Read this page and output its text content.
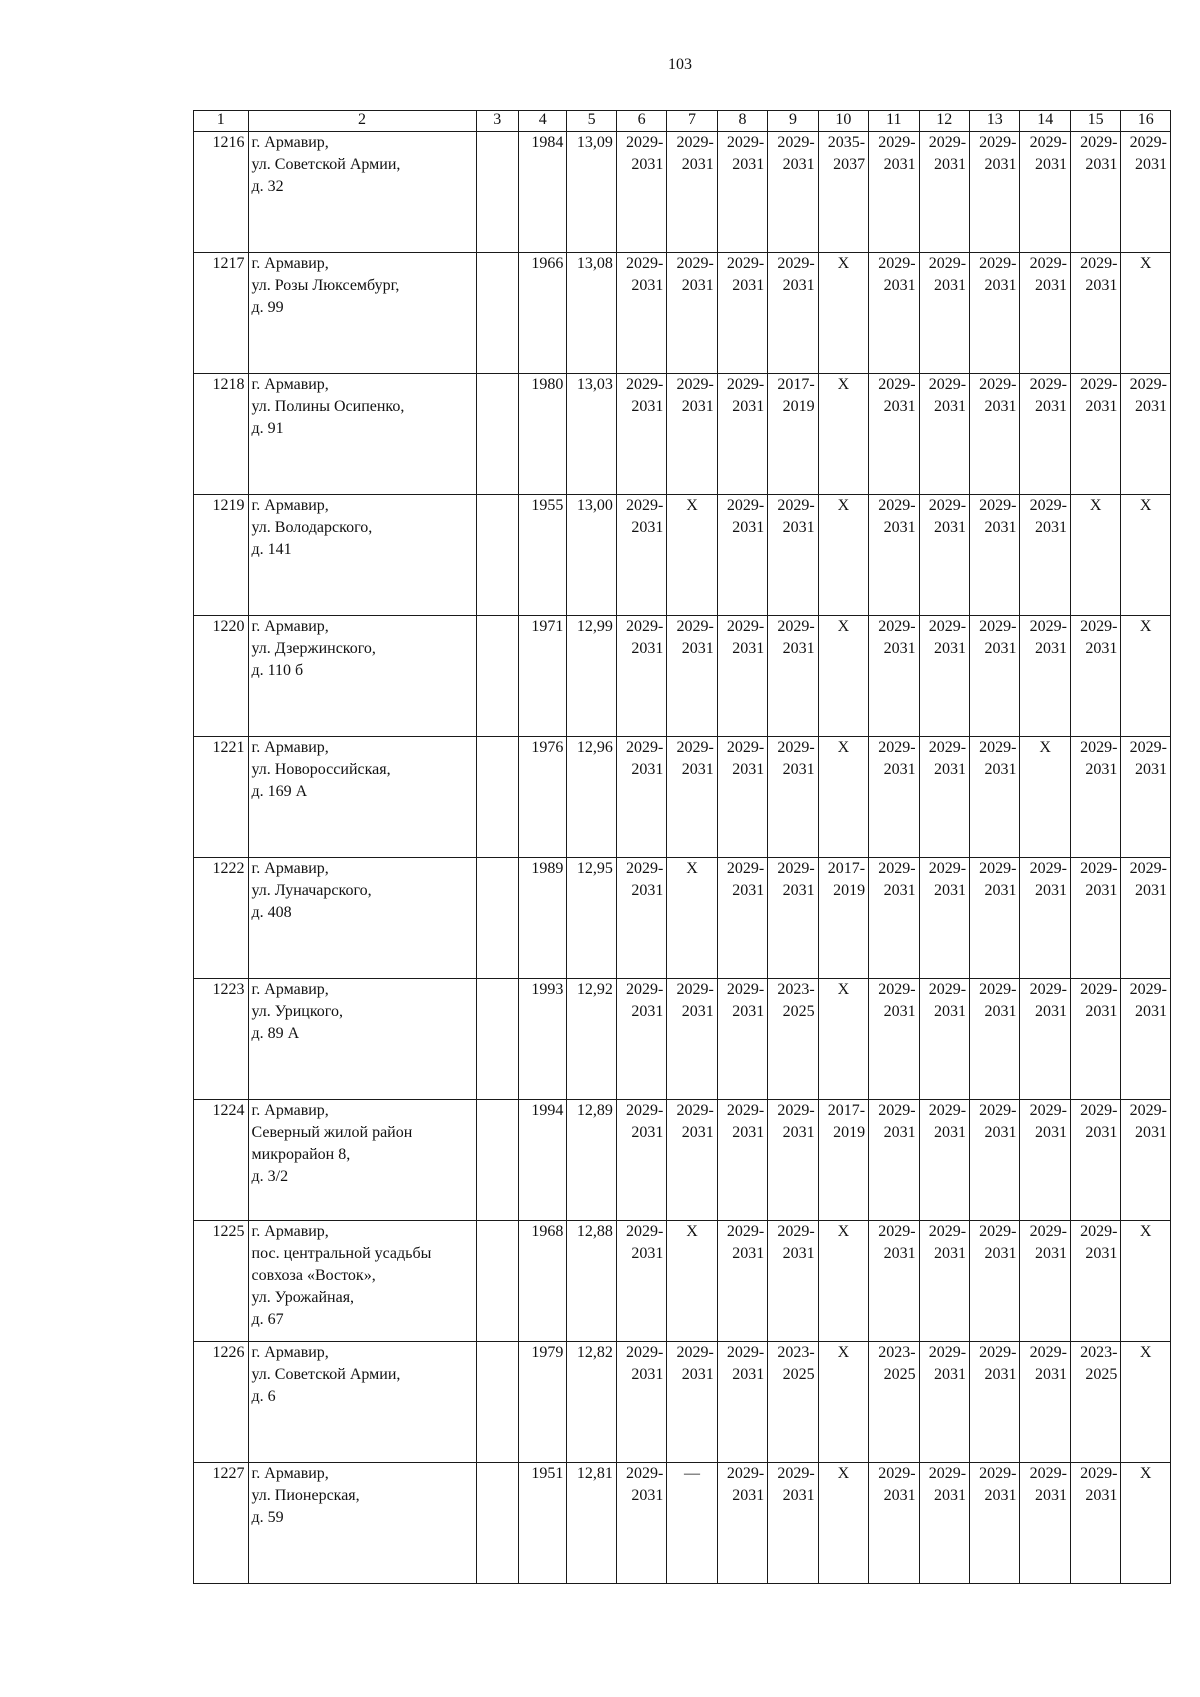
103
1	2	3	4	5	6	7	8	9	10	11	12	13	14	15	16
1216	г. Армавир,
ул. Советской Армии,
д. 32		1984	13,09	2029-
2031	2029-
2031	2029-
2031	2029-
2031	2035-
2037	2029-
2031	2029-
2031	2029-
2031	2029-
2031	2029-
2031	2029-
2031

1217	г. Армавир,
ул. Розы Люксембург,
д. 99		1966	13,08	2029-
2031	2029-
2031	2029-
2031	2029-
2031	X	2029-
2031	2029-
2031	2029-
2031	2029-
2031	2029-
2031	X

1218	г. Армавир,
ул. Полины Осипенко,
д. 91		1980	13,03	2029-
2031	2029-
2031	2029-
2031	2017-
2019	X	2029-
2031	2029-
2031	2029-
2031	2029-
2031	2029-
2031	2029-
2031

1219	г. Армавир,
ул. Володарского,
д. 141		1955	13,00	2029-
2031	X	2029-
2031	2029-
2031	X	2029-
2031	2029-
2031	2029-
2031	2029-
2031	X	X

1220	г. Армавир,
ул. Дзержинского,
д. 110 б		1971	12,99	2029-
2031	2029-
2031	2029-
2031	2029-
2031	X	2029-
2031	2029-
2031	2029-
2031	2029-
2031	2029-
2031	X

1221	г. Армавир,
ул. Новороссийская,
д. 169 А		1976	12,96	2029-
2031	2029-
2031	2029-
2031	2029-
2031	X	2029-
2031	2029-
2031	2029-
2031	X	2029-
2031	2029-
2031

1222	г. Армавир,
ул. Луначарского,
д. 408		1989	12,95	2029-
2031	X	2029-
2031	2029-
2031	2017-
2019	2029-
2031	2029-
2031	2029-
2031	2029-
2031	2029-
2031	2029-
2031

1223	г. Армавир,
ул. Урицкого,
д. 89 А		1993	12,92	2029-
2031	2029-
2031	2029-
2031	2023-
2025	X	2029-
2031	2029-
2031	2029-
2031	2029-
2031	2029-
2031	2029-
2031

1224	г. Армавир,
Северный жилой район
микрорайон 8,
д. 3/2		1994	12,89	2029-
2031	2029-
2031	2029-
2031	2029-
2031	2017-
2019	2029-
2031	2029-
2031	2029-
2031	2029-
2031	2029-
2031	2029-
2031

1225	г. Армавир,
пос. центральной усадьбы
совхоза «Восток»,
ул. Урожайная,
д. 67		1968	12,88	2029-
2031	X	2029-
2031	2029-
2031	X	2029-
2031	2029-
2031	2029-
2031	2029-
2031	2029-
2031	X

1226	г. Армавир,
ул. Советской Армии,
д. 6		1979	12,82	2029-
2031	2029-
2031	2029-
2031	2023-
2025	X	2023-
2025	2029-
2031	2029-
2031	2029-
2031	2023-
2025	X

1227	г. Армавир,
ул. Пионерская,
д. 59		1951	12,81	2029-
2031	—	2029-
2031	2029-
2031	X	2029-
2031	2029-
2031	2029-
2031	2029-
2031	2029-
2031	X
